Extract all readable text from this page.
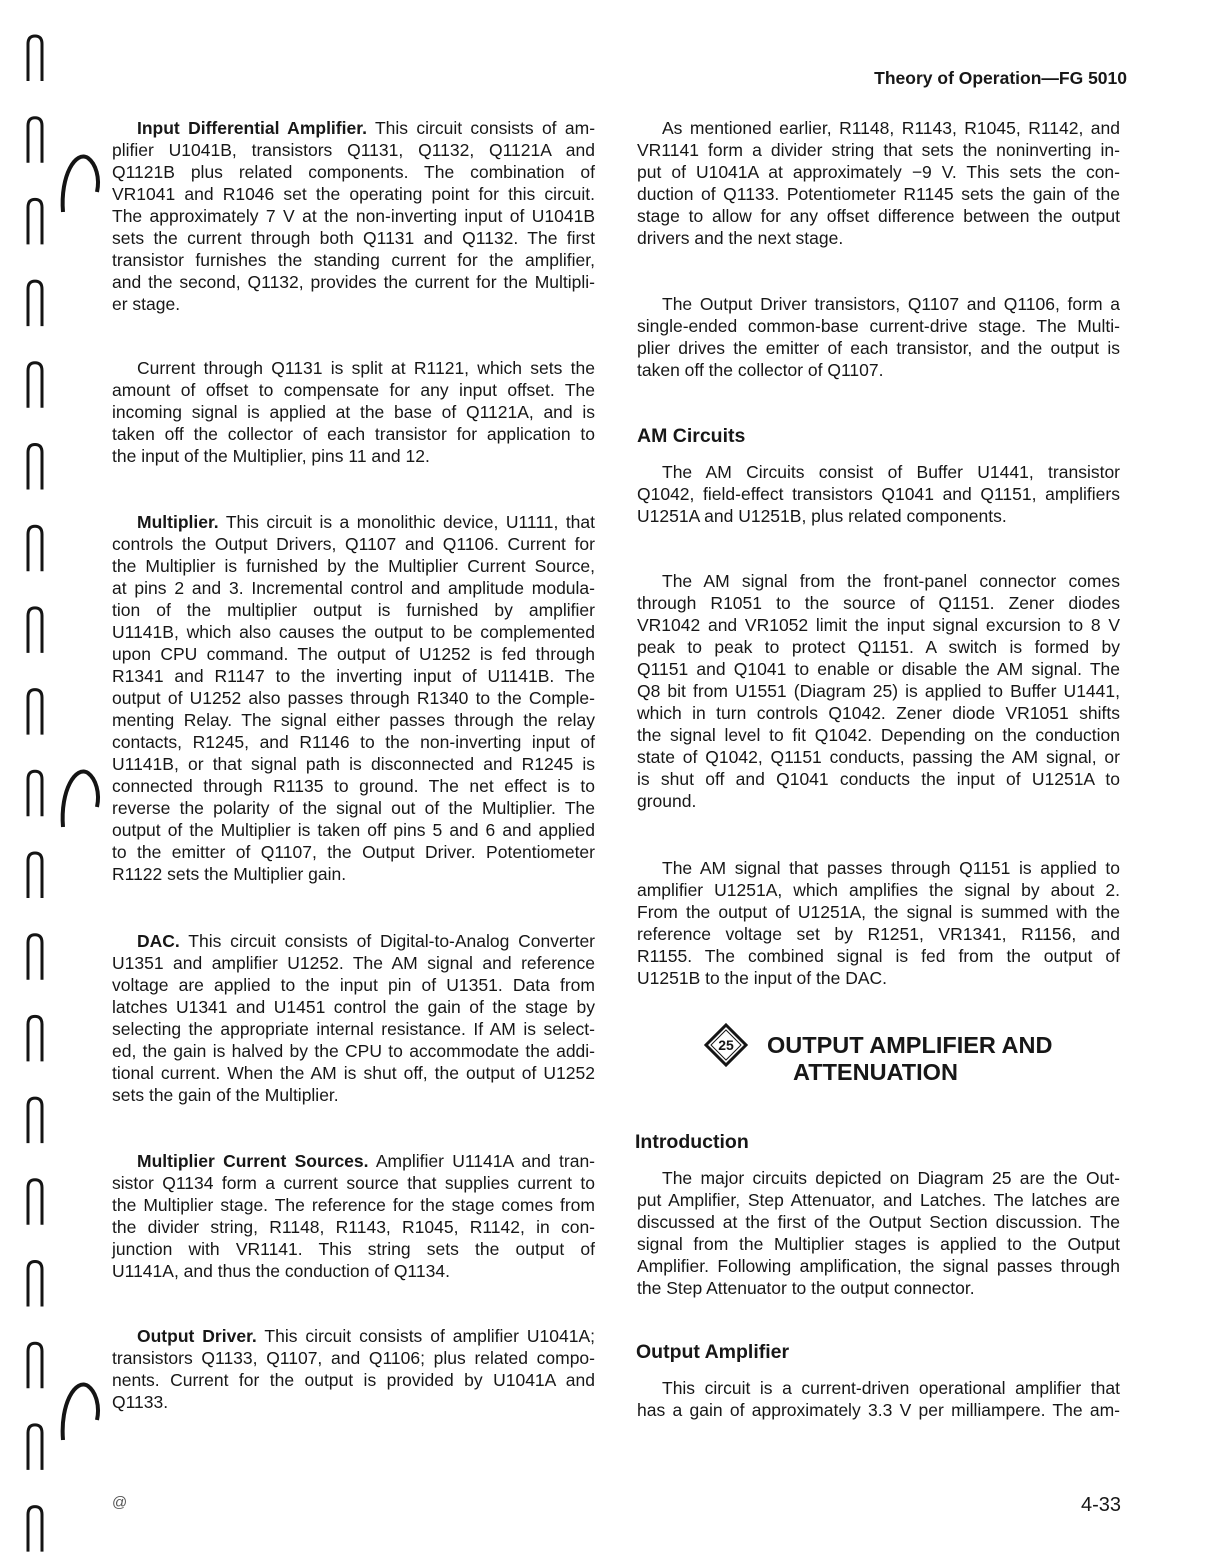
Theory of Operation—FG 5010
Input Differential Amplifier. This circuit consists of am-
plifier U1041B, transistors Q1131, Q1132, Q1121A and
Q1121B plus related components. The combination of
VR1041 and R1046 set the operating point for this circuit.
The approximately 7 V at the non-inverting input of U1041B
sets the current through both Q1131 and Q1132. The first
transistor furnishes the standing current for the amplifier,
and the second, Q1132, provides the current for the Multipli-
er stage.
Current through Q1131 is split at R1121, which sets the
amount of offset to compensate for any input offset. The
incoming signal is applied at the base of Q1121A, and is
taken off the collector of each transistor for application to
the input of the Multiplier, pins 11 and 12.
Multiplier. This circuit is a monolithic device, U1111, that
controls the Output Drivers, Q1107 and Q1106. Current for
the Multiplier is furnished by the Multiplier Current Source,
at pins 2 and 3. Incremental control and amplitude modula-
tion of the multiplier output is furnished by amplifier
U1141B, which also causes the output to be complemented
upon CPU command. The output of U1252 is fed through
R1341 and R1147 to the inverting input of U1141B. The
output of U1252 also passes through R1340 to the Comple-
menting Relay. The signal either passes through the relay
contacts, R1245, and R1146 to the non-inverting input of
U1141B, or that signal path is disconnected and R1245 is
connected through R1135 to ground. The net effect is to
reverse the polarity of the signal out of the Multiplier. The
output of the Multiplier is taken off pins 5 and 6 and applied
to the emitter of Q1107, the Output Driver. Potentiometer
R1122 sets the Multiplier gain.
DAC. This circuit consists of Digital-to-Analog Converter
U1351 and amplifier U1252. The AM signal and reference
voltage are applied to the input pin of U1351. Data from
latches U1341 and U1451 control the gain of the stage by
selecting the appropriate internal resistance. If AM is select-
ed, the gain is halved by the CPU to accommodate the addi-
tional current. When the AM is shut off, the output of U1252
sets the gain of the Multiplier.
Multiplier Current Sources. Amplifier U1141A and tran-
sistor Q1134 form a current source that supplies current to
the Multiplier stage. The reference for the stage comes from
the divider string, R1148, R1143, R1045, R1142, in con-
junction with VR1141. This string sets the output of
U1141A, and thus the conduction of Q1134.
Output Driver. This circuit consists of amplifier U1041A;
transistors Q1133, Q1107, and Q1106; plus related compo-
nents. Current for the output is provided by U1041A and
Q1133.
As mentioned earlier, R1148, R1143, R1045, R1142, and
VR1141 form a divider string that sets the noninverting in-
put of U1041A at approximately −9 V. This sets the con-
duction of Q1133. Potentiometer R1145 sets the gain of the
stage to allow for any offset difference between the output
drivers and the next stage.
The Output Driver transistors, Q1107 and Q1106, form a
single-ended common-base current-drive stage. The Multi-
plier drives the emitter of each transistor, and the output is
taken off the collector of Q1107.
AM Circuits
The AM Circuits consist of Buffer U1441, transistor
Q1042, field-effect transistors Q1041 and Q1151, amplifiers
U1251A and U1251B, plus related components.
The AM signal from the front-panel connector comes
through R1051 to the source of Q1151. Zener diodes
VR1042 and VR1052 limit the input signal excursion to 8 V
peak to peak to protect Q1151. A switch is formed by
Q1151 and Q1041 to enable or disable the AM signal. The
Q8 bit from U1551 (Diagram 25) is applied to Buffer U1441,
which in turn controls Q1042. Zener diode VR1051 shifts
the signal level to fit Q1042. Depending on the conduction
state of Q1042, Q1151 conducts, passing the AM signal, or
is shut off and Q1041 conducts the input of U1251A to
ground.
The AM signal that passes through Q1151 is applied to
amplifier U1251A, which amplifies the signal by about 2.
From the output of U1251A, the signal is summed with the
reference voltage set by R1251, VR1341, R1156, and
R1155. The combined signal is fed from the output of
U1251B to the input of the DAC.
25 OUTPUT AMPLIFIER AND
ATTENUATION
Introduction
The major circuits depicted on Diagram 25 are the Out-
put Amplifier, Step Attenuator, and Latches. The latches are
discussed at the first of the Output Section discussion. The
signal from the Multiplier stages is applied to the Output
Amplifier. Following amplification, the signal passes through
the Step Attenuator to the output connector.
Output Amplifier
This circuit is a current-driven operational amplifier that
has a gain of approximately 3.3 V per milliampere. The am-
@	4-33
